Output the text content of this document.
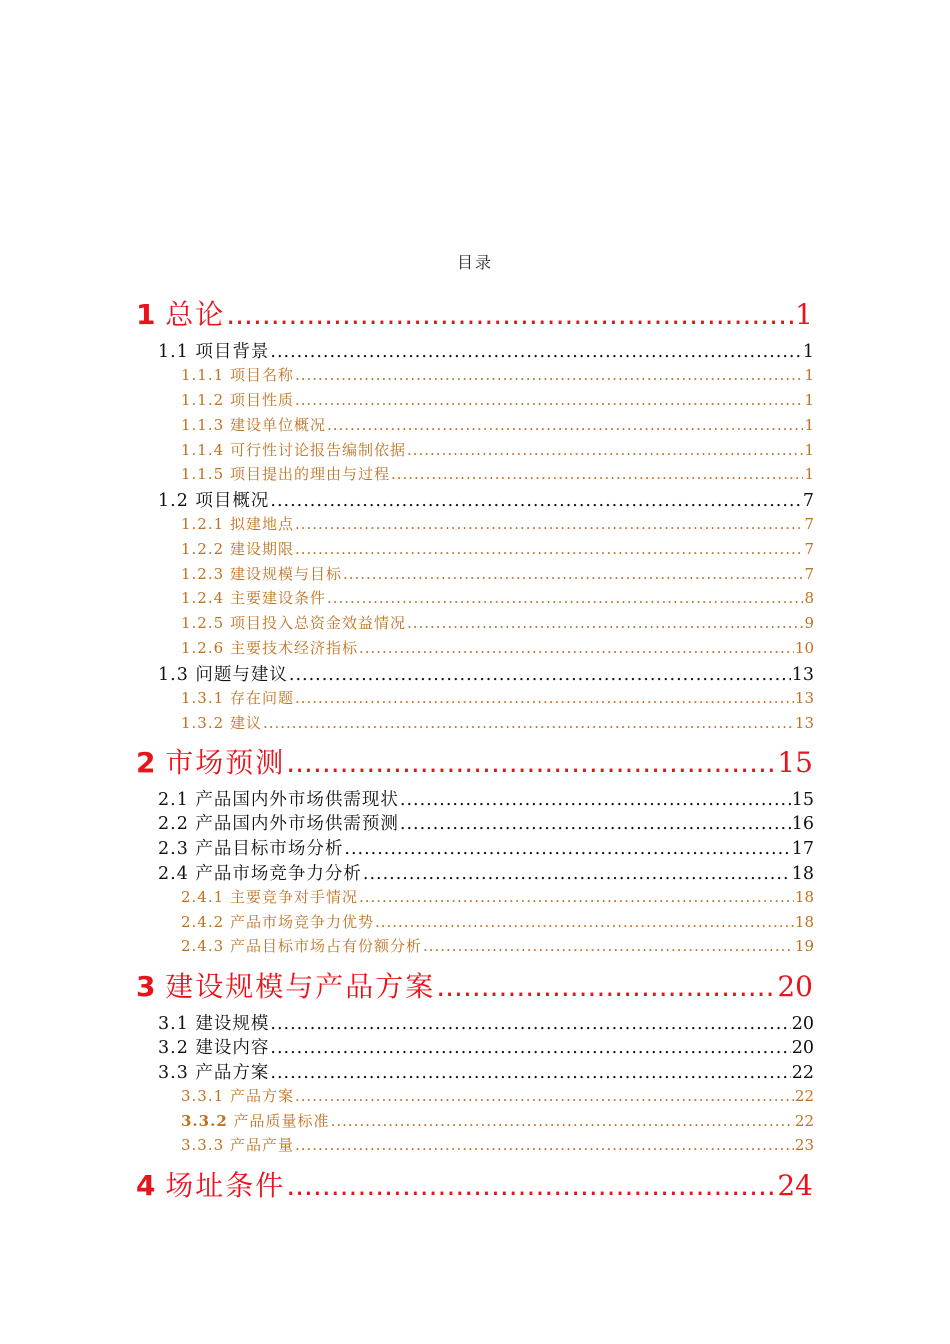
目录
1 总论 .....	1
1.1 项目背景 .....	1
1.1.1 项目名称 .....	1
1.1.2 项目性质 .....	1
1.1.3 建设单位概况 .....	1
1.1.4 可行性讨论报告编制依据 .....	1
1.1.5 项目提出的理由与过程 .....	1
1.2 项目概况 .....	7
1.2.1 拟建地点 .....	7
1.2.2 建设期限 .....	7
1.2.3 建设规模与目标 .....	7
1.2.4 主要建设条件 .....	8
1.2.5 项目投入总资金效益情况 .....	9
1.2.6 主要技术经济指标 .....	10
1.3 问题与建议 .....	13
1.3.1 存在问题 .....	13
1.3.2 建议 .....	13
2 市场预测 .....	15
2.1 产品国内外市场供需现状 .....	15
2.2 产品国内外市场供需预测 .....	16
2.3 产品目标市场分析 .....	17
2.4 产品市场竞争力分析 .....	18
2.4.1 主要竞争对手情况 .....	18
2.4.2 产品市场竞争力优势 .....	18
2.4.3 产品目标市场占有份额分析 .....	19
3 建设规模与产品方案 .....	20
3.1 建设规模 .....	20
3.2 建设内容 .....	20
3.3 产品方案 .....	22
3.3.1 产品方案 .....	22
3.3.2 产品质量标准 .....	22
3.3.3 产品产量 .....	23
4 场址条件 .....	24
